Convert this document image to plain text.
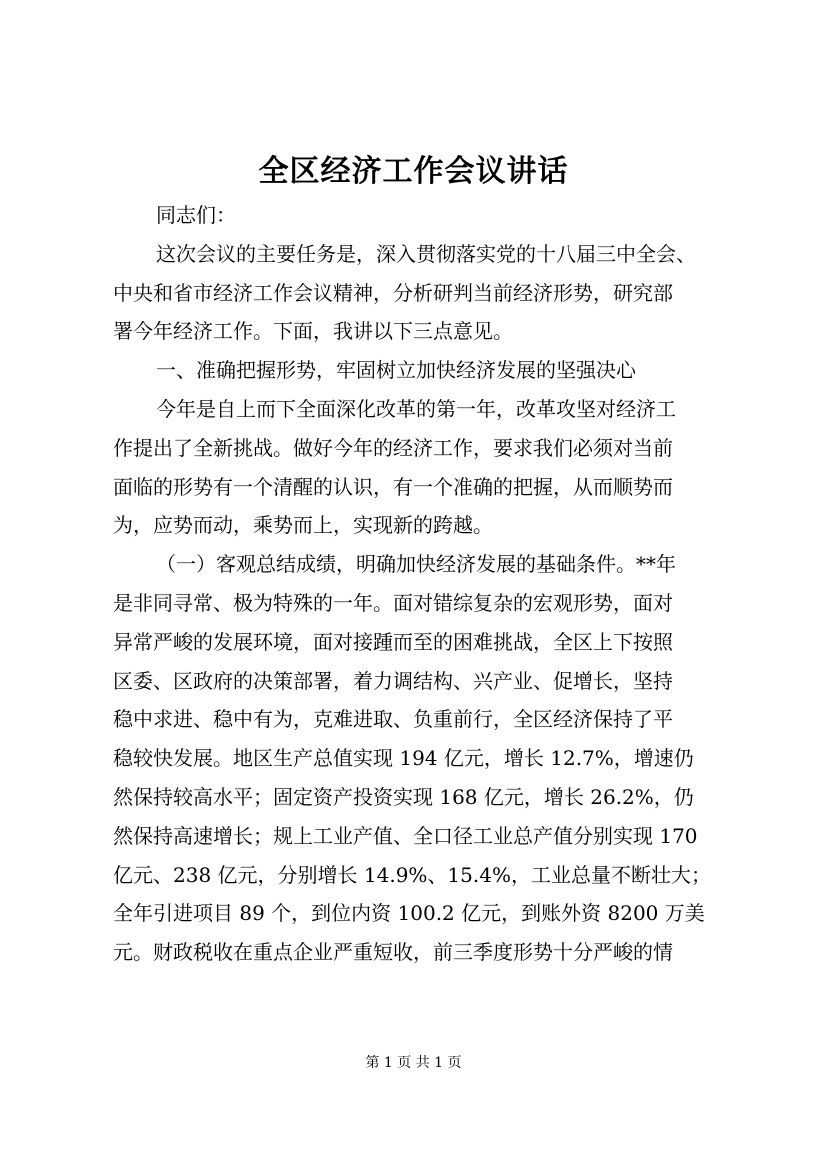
全区经济工作会议讲话
同志们：
这次会议的主要任务是，深入贯彻落实党的十八届三中全会、
中央和省市经济工作会议精神，分析研判当前经济形势，研究部
署今年经济工作。下面，我讲以下三点意见。
一、准确把握形势，牢固树立加快经济发展的坚强决心
今年是自上而下全面深化改革的第一年，改革攻坚对经济工
作提出了全新挑战。做好今年的经济工作，要求我们必须对当前
面临的形势有一个清醒的认识，有一个准确的把握，从而顺势而
为，应势而动，乘势而上，实现新的跨越。
（一）客观总结成绩，明确加快经济发展的基础条件。**年
是非同寻常、极为特殊的一年。面对错综复杂的宏观形势，面对
异常严峻的发展环境，面对接踵而至的困难挑战，全区上下按照
区委、区政府的决策部署，着力调结构、兴产业、促增长，坚持
稳中求进、稳中有为，克难进取、负重前行，全区经济保持了平
稳较快发展。地区生产总值实现 194 亿元，增长 12.7%，增速仍
然保持较高水平；固定资产投资实现 168 亿元，增长 26.2%，仍
然保持高速增长；规上工业产值、全口径工业总产值分别实现 170
亿元、238 亿元，分别增长 14.9%、15.4%，工业总量不断壮大；
全年引进项目 89 个，到位内资 100.2 亿元，到账外资 8200 万美
元。财政税收在重点企业严重短收，前三季度形势十分严峻的情
第 1 页 共 1 页
